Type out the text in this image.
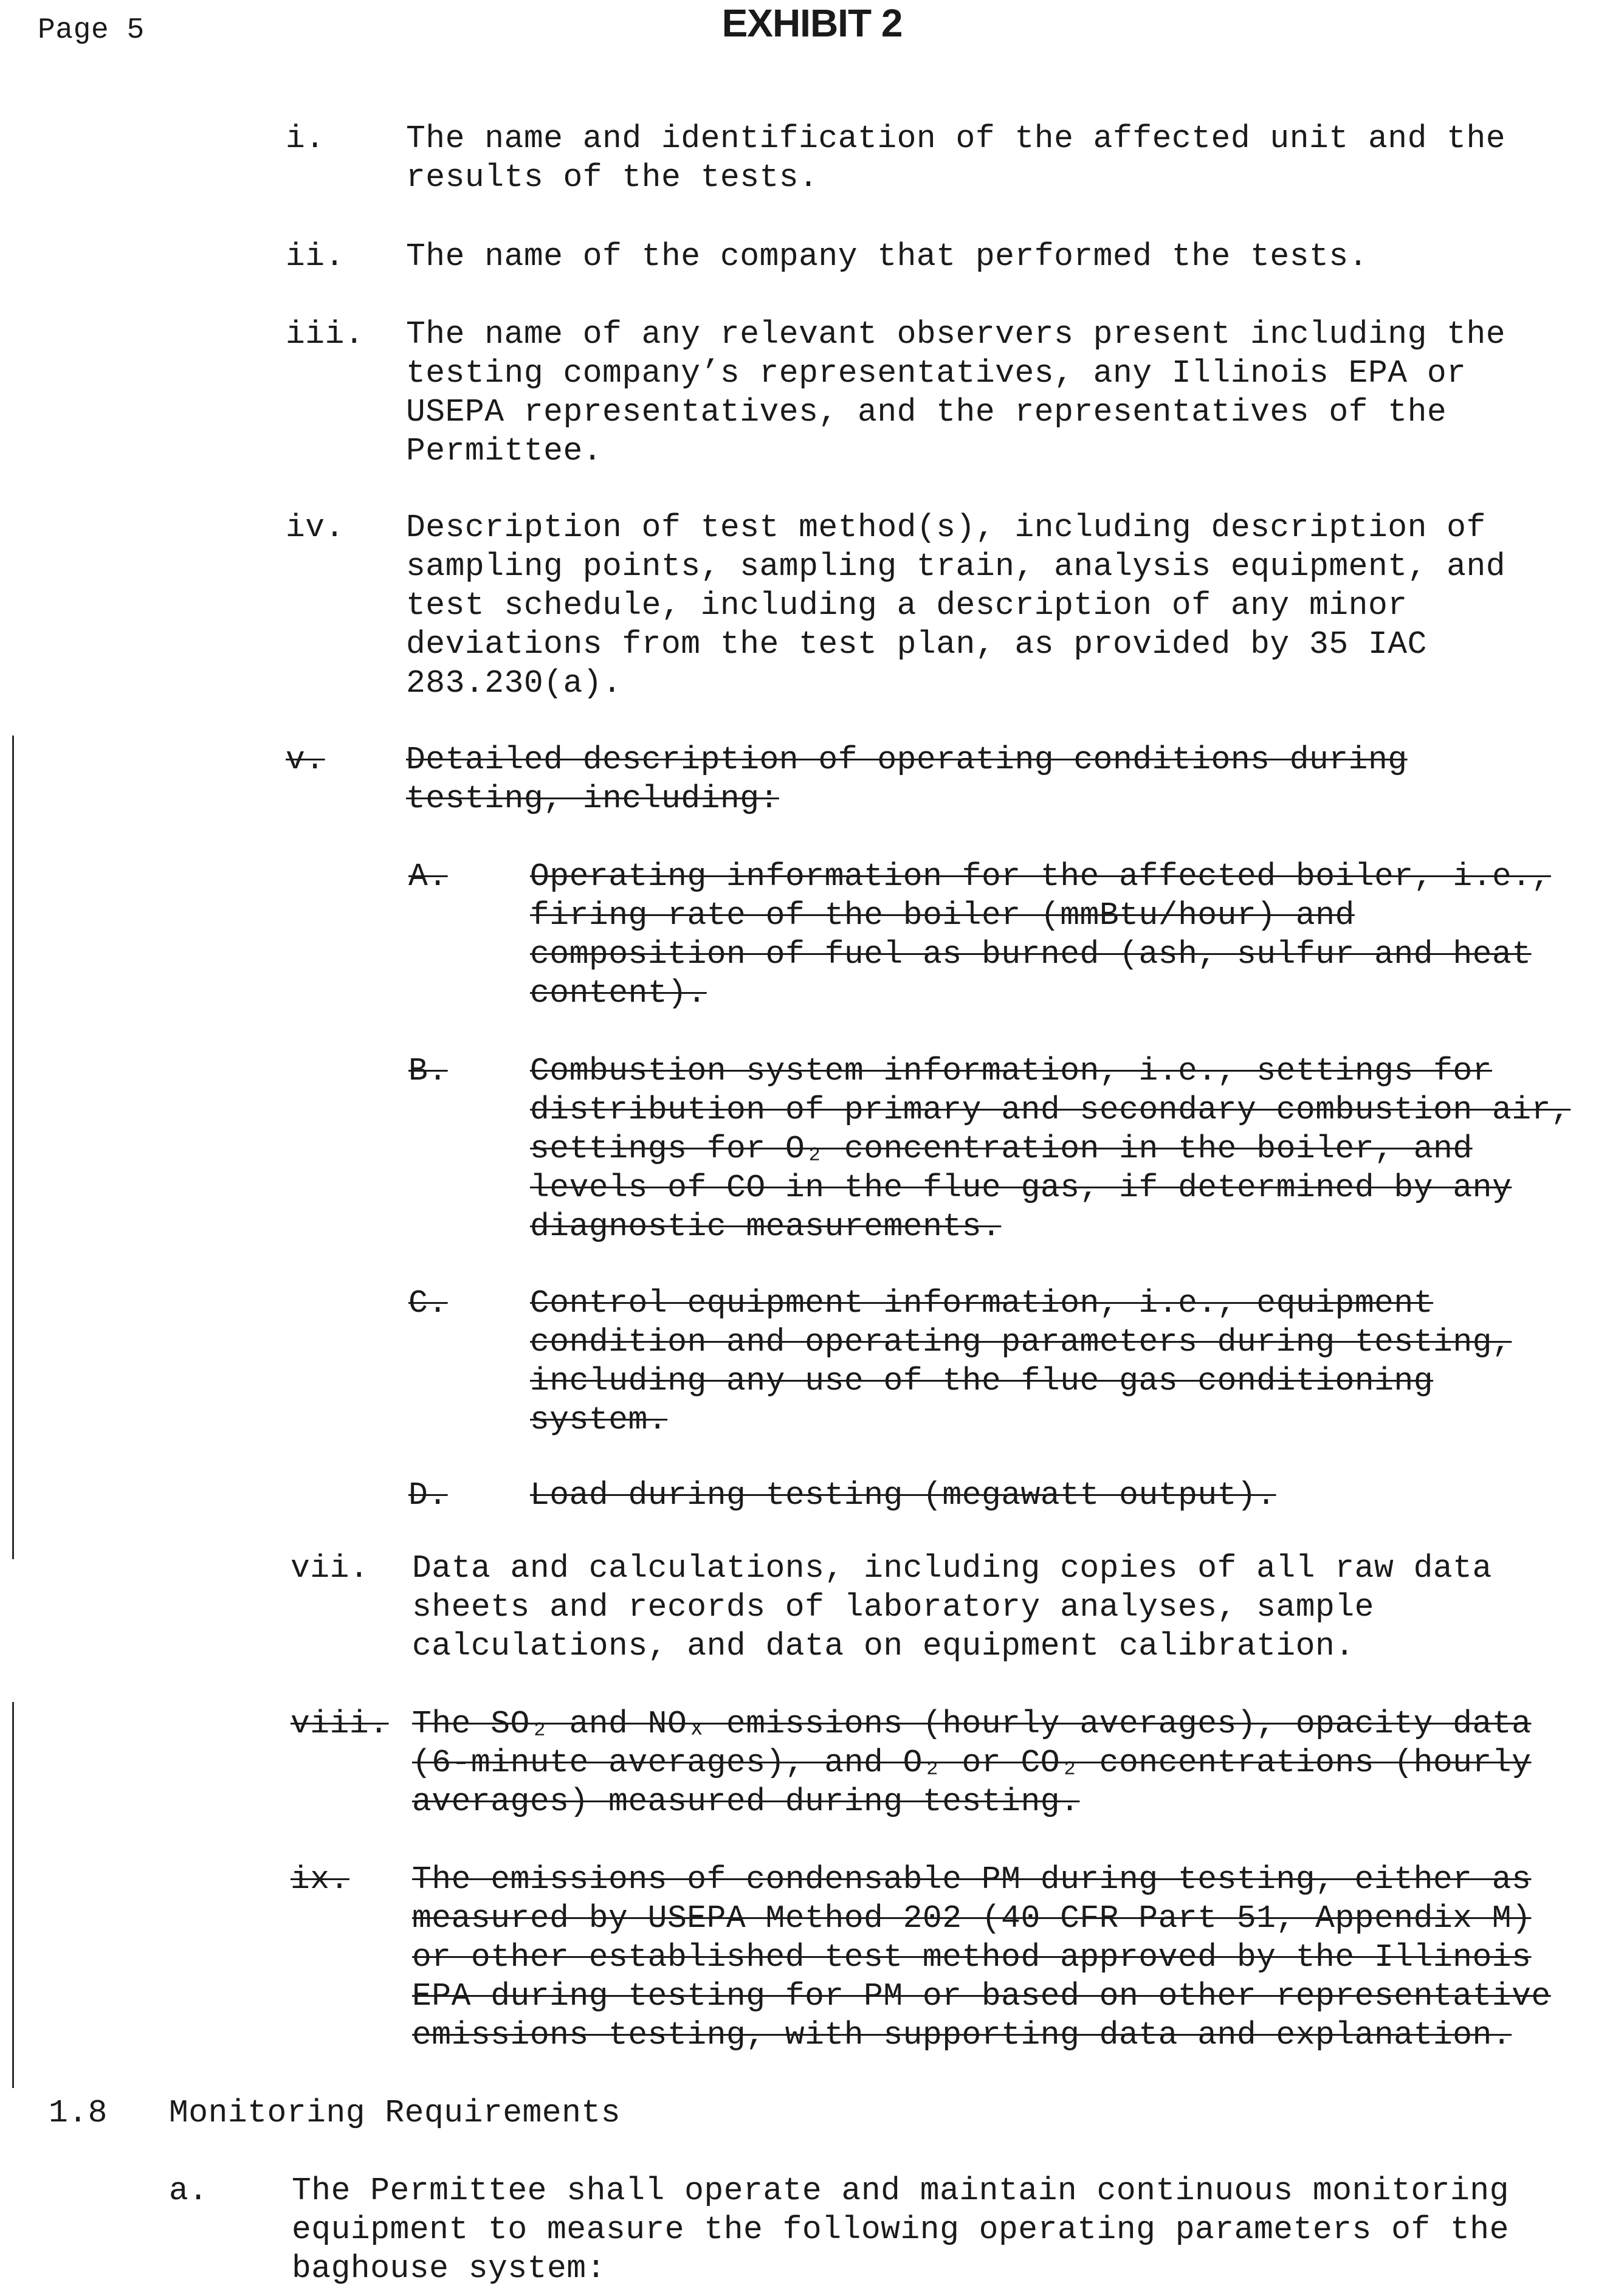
Page 5	EXHIBIT 2
i.	The name and identification of the affected unit and the
results of the tests.
ii. The name of the company that performed the tests.
iii. The name of any relevant observers present including the
testing company’s representatives, any Illinois EPA or
USEPA representatives, and the representatives of the
Permittee.
iv. Description of test method(s), including description of
sampling points, sampling train, analysis equipment, and
test schedule, including a description of any minor
deviations from the test plan, as provided by 35 IAC
283.230(a).
v.	Detailed description of operating conditions during
testing, including:
A.	Operating information for the affected boiler, i.e.,
firing rate of the boiler (mmBtu/hour) and
composition of fuel as burned (ash, sulfur and heat
content).
B.	Combustion system information, i.e., settings for
distribution of primary and secondary combustion air,
settings for O₂ concentration in the boiler, and
levels of CO in the flue gas, if determined by any
diagnostic measurements.
C.	Control equipment information, i.e., equipment
condition and operating parameters during testing,
including any use of the flue gas conditioning
system.
D.	Load during testing (megawatt output).
vii. Data and calculations, including copies of all raw data
sheets and records of laboratory analyses, sample
calculations, and data on equipment calibration.
viii. The SO₂ and NOₓ emissions (hourly averages), opacity data
(6-minute averages), and O₂ or CO₂ concentrations (hourly
averages) measured during testing.
ix. The emissions of condensable PM during testing, either as
measured by USEPA Method 202 (40 CFR Part 51, Appendix M)
or other established test method approved by the Illinois
EPA during testing for PM or based on other representative
emissions testing, with supporting data and explanation.
1.8 Monitoring Requirements
a.	The Permittee shall operate and maintain continuous monitoring
equipment to measure the following operating parameters of the
baghouse system:
